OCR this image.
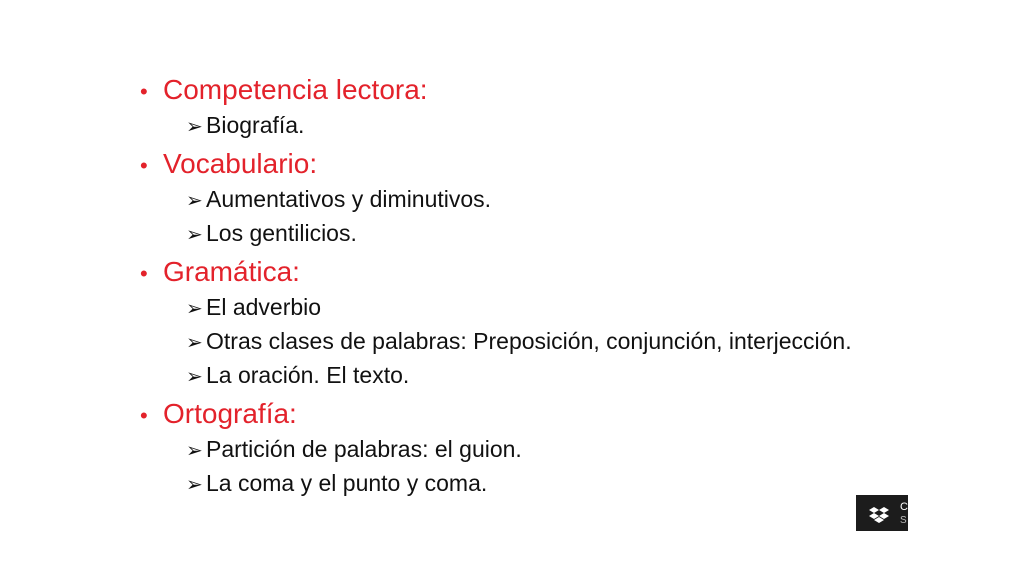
• Competencia lectora:
➢ Biografía.
• Vocabulario:
➢ Aumentativos y diminutivos.
➢ Los gentilicios.
• Gramática:
➢ El adverbio
➢ Otras clases de palabras: Preposición, conjunción, interjección.
➢ La oración. El texto.
• Ortografía:
➢ Partición de palabras: el guion.
➢ La coma y el punto y coma.
C
S
